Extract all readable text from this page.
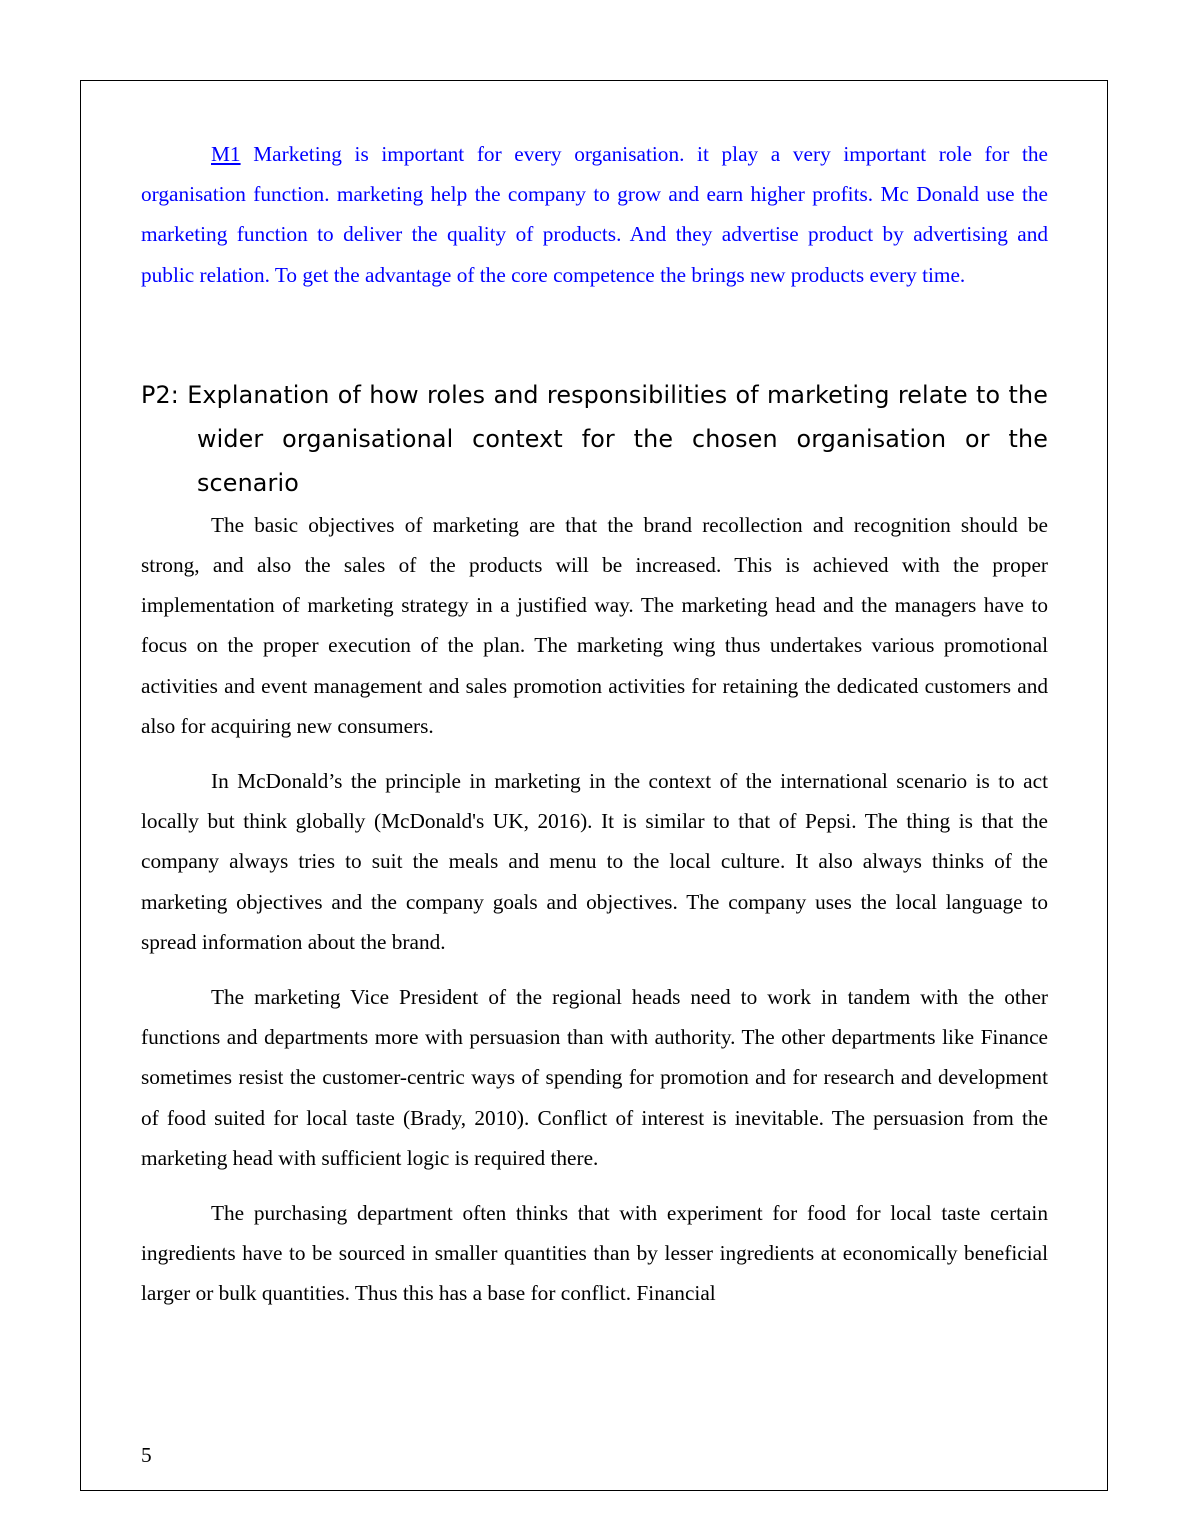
M1 Marketing is important for every organisation. it play a very important role for the organisation function. marketing help the company to grow and earn higher profits. Mc Donald use the marketing function to deliver the quality of products. And they advertise product by advertising and public relation. To get the advantage of the core competence the brings new products every time.

P2: Explanation of how roles and responsibilities of marketing relate to the wider organisational context for the chosen organisation or the scenario

The basic objectives of marketing are that the brand recollection and recognition should be strong, and also the sales of the products will be increased. This is achieved with the proper implementation of marketing strategy in a justified way. The marketing head and the managers have to focus on the proper execution of the plan. The marketing wing thus undertakes various promotional activities and event management and sales promotion activities for retaining the dedicated customers and also for acquiring new consumers.

In McDonald’s the principle in marketing in the context of the international scenario is to act locally but think globally (McDonald's UK, 2016). It is similar to that of Pepsi. The thing is that the company always tries to suit the meals and menu to the local culture. It also always thinks of the marketing objectives and the company goals and objectives. The company uses the local language to spread information about the brand.

The marketing Vice President of the regional heads need to work in tandem with the other functions and departments more with persuasion than with authority. The other departments like Finance sometimes resist the customer-centric ways of spending for promotion and for research and development of food suited for local taste (Brady, 2010). Conflict of interest is inevitable. The persuasion from the marketing head with sufficient logic is required there.

The purchasing department often thinks that with experiment for food for local taste certain ingredients have to be sourced in smaller quantities than by lesser ingredients at economically beneficial larger or bulk quantities. Thus this has a base for conflict. Financial

5
